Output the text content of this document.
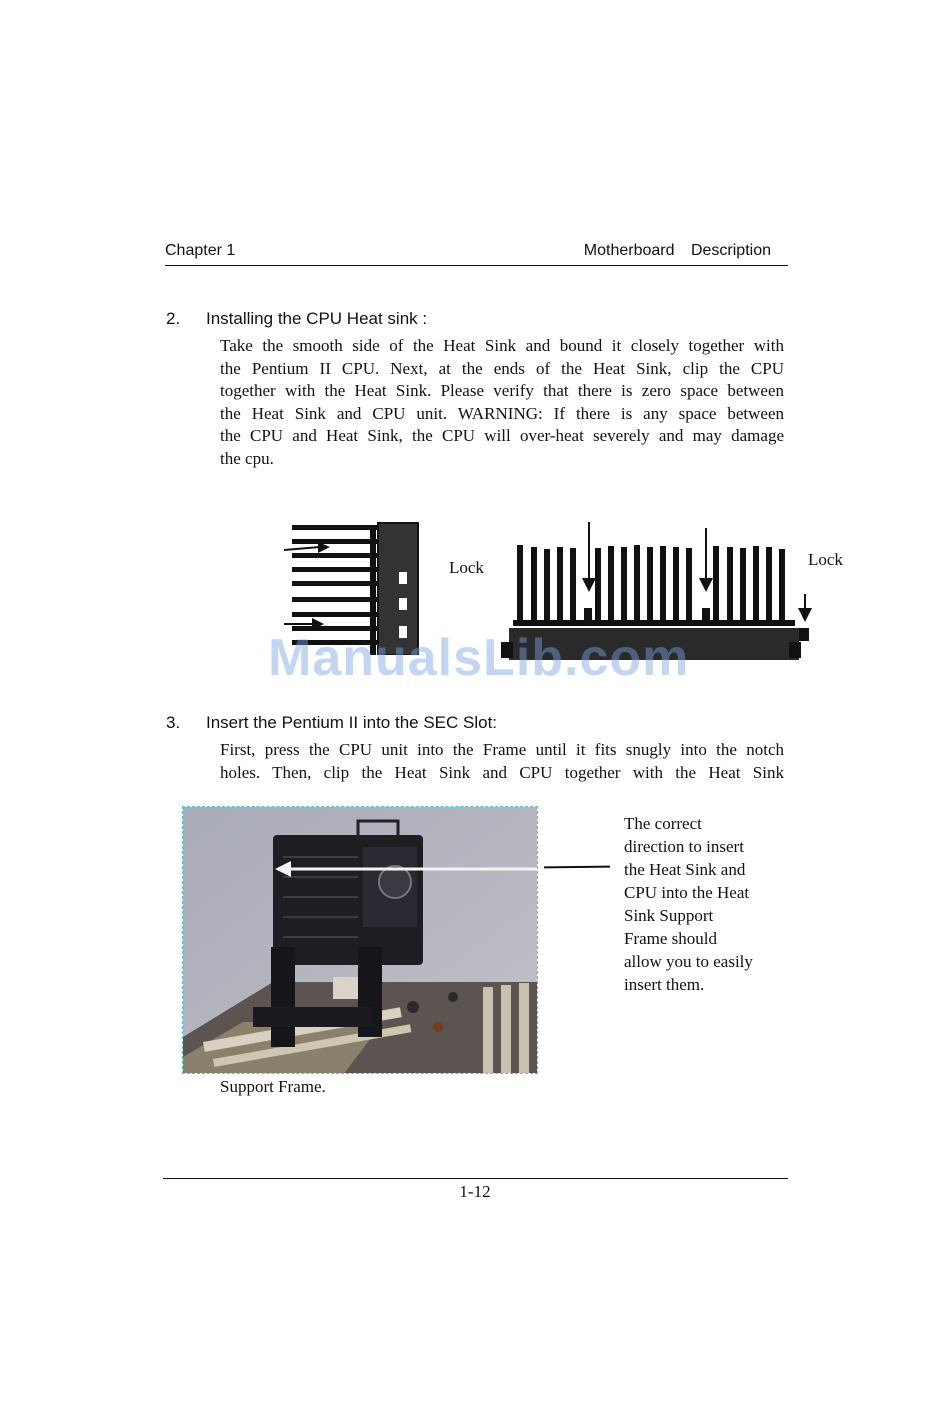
Chapter 1	Motherboard Description
2. Installing the CPU Heat sink :
Take the smooth side of the Heat Sink and bound it closely together with
the Pentium II CPU. Next, at the ends of the Heat Sink, clip the CPU
together with the Heat Sink. Please verify that there is zero space between
the Heat Sink and CPU unit. WARNING: If there is any space between
the CPU and Heat Sink, the CPU will over-heat severely and may damage
the cpu.
Lock	Lock
ManualsLib.com
3. Insert the Pentium II into the SEC Slot:
First, press the CPU unit into the Frame until it fits snugly into the notch
holes. Then, clip the Heat Sink and CPU together with the Heat Sink
The correct
direction to insert
the Heat Sink and
CPU into the Heat
Sink Support
Frame should
allow you to easily
insert them.
Support Frame.
1-12
